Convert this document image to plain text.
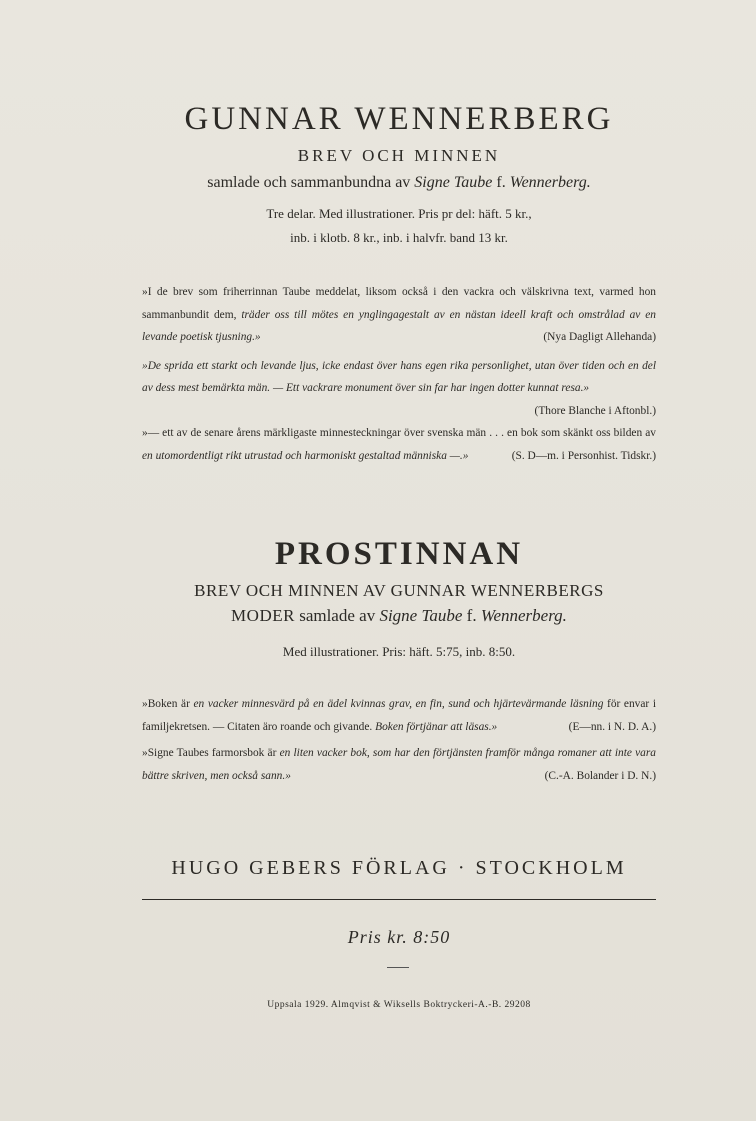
GUNNAR WENNERBERG
BREV OCH MINNEN
samlade och sammanbundna av Signe Taube f. Wennerberg.
Tre delar. Med illustrationer. Pris pr del: häft. 5 kr.,
inb. i klotb. 8 kr., inb. i halvfr. band 13 kr.
»I de brev som friherrinnan Taube meddelat, liksom också i den vackra och välskrivna text, varmed hon sammanbundit dem, träder oss till mötes en ynglingagestalt av en nästan ideell kraft och omstrålad av en levande poetisk tjusning.»	(Nya Dagligt Allehanda)
»De sprida ett starkt och levande ljus, icke endast över hans egen rika personlighet, utan över tiden och en del av dess mest bemärkta män. — Ett vackrare monument över sin far har ingen dotter kunnat resa.»
(Thore Blanche i Aftonbl.)
»— ett av de senare årens märkligaste minnesteckningar över svenska män . . . en bok som skänkt oss bilden av en utomordentligt rikt utrustad och harmoniskt gestaltad människa —.»	(S. D—m. i Personhist. Tidskr.)
PROSTINNAN
BREV OCH MINNEN AV GUNNAR WENNERBERGS
MODER samlade av Signe Taube f. Wennerberg.
Med illustrationer. Pris: häft. 5:75, inb. 8:50.
»Boken är en vacker minnesvärd på en ädel kvinnas grav, en fin, sund och hjärtevärmande läsning för envar i familjekretsen. — Citaten äro roande och givande. Boken förtjänar att läsas.»	(E—nn. i N. D. A.)
»Signe Taubes farmorsbok är en liten vacker bok, som har den förtjänsten framför många romaner att inte vara bättre skriven, men också sann.»	(C.-A. Bolander i D. N.)
HUGO GEBERS FÖRLAG · STOCKHOLM
Pris kr. 8:50
Uppsala 1929. Almqvist & Wiksells Boktryckeri-A.-B. 29208
